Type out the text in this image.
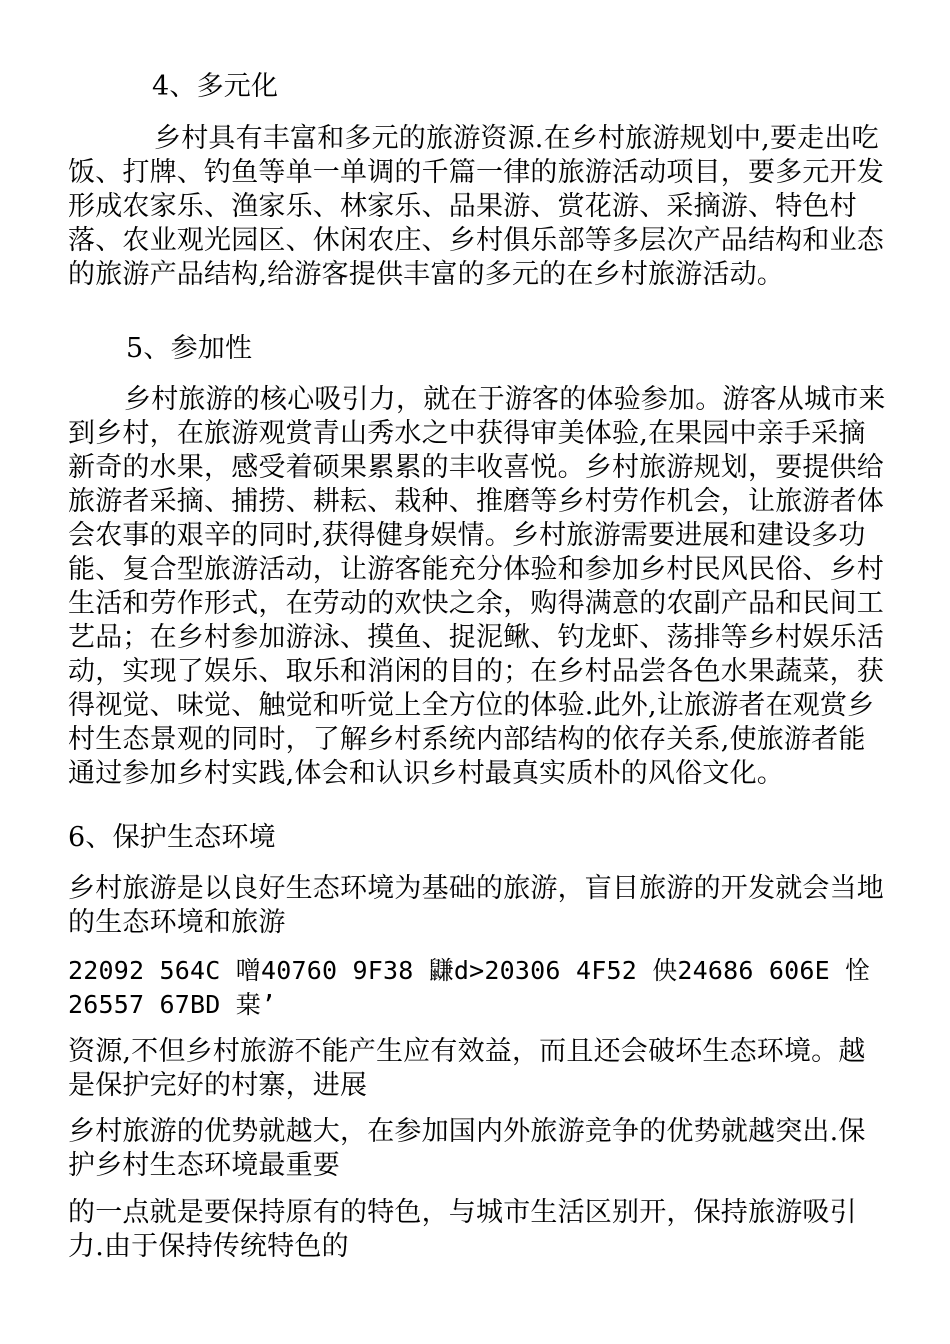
4、多元化

乡村具有丰富和多元的旅游资源.在乡村旅游规划中,要走出吃饭、打牌、钓鱼等单一单调的千篇一律的旅游活动项目，要多元开发形成农家乐、渔家乐、林家乐、品果游、赏花游、采摘游、特色村落、农业观光园区、休闲农庄、乡村俱乐部等多层次产品结构和业态的旅游产品结构,给游客提供丰富的多元的在乡村旅游活动。

5、参加性

乡村旅游的核心吸引力，就在于游客的体验参加。游客从城市来到乡村，在旅游观赏青山秀水之中获得审美体验,在果园中亲手采摘新奇的水果，感受着硕果累累的丰收喜悦。乡村旅游规划，要提供给旅游者采摘、捕捞、耕耘、栽种、推磨等乡村劳作机会，让旅游者体会农事的艰辛的同时,获得健身娱情。乡村旅游需要进展和建设多功能、复合型旅游活动，让游客能充分体验和参加乡村民风民俗、乡村生活和劳作形式，在劳动的欢快之余，购得满意的农副产品和民间工艺品；在乡村参加游泳、摸鱼、捉泥鳅、钓龙虾、荡排等乡村娱乐活动，实现了娱乐、取乐和消闲的目的；在乡村品尝各色水果蔬菜，获得视觉、味觉、触觉和听觉上全方位的体验.此外,让旅游者在观赏乡村生态景观的同时，了解乡村系统内部结构的依存关系,使旅游者能通过参加乡村实践,体会和认识乡村最真实质朴的风俗文化。

6、保护生态环境

乡村旅游是以良好生态环境为基础的旅游，盲目旅游的开发就会当地的生态环境和旅游

22092 564C 噌40760 9F38 鼸d>20306 4F52 佒24686 606E 恮26557 67BD 枽’

资源,不但乡村旅游不能产生应有效益，而且还会破坏生态环境。越是保护完好的村寨，进展

乡村旅游的优势就越大，在参加国内外旅游竞争的优势就越突出.保护乡村生态环境最重要

的一点就是要保持原有的特色，与城市生活区别开，保持旅游吸引力.由于保持传统特色的
